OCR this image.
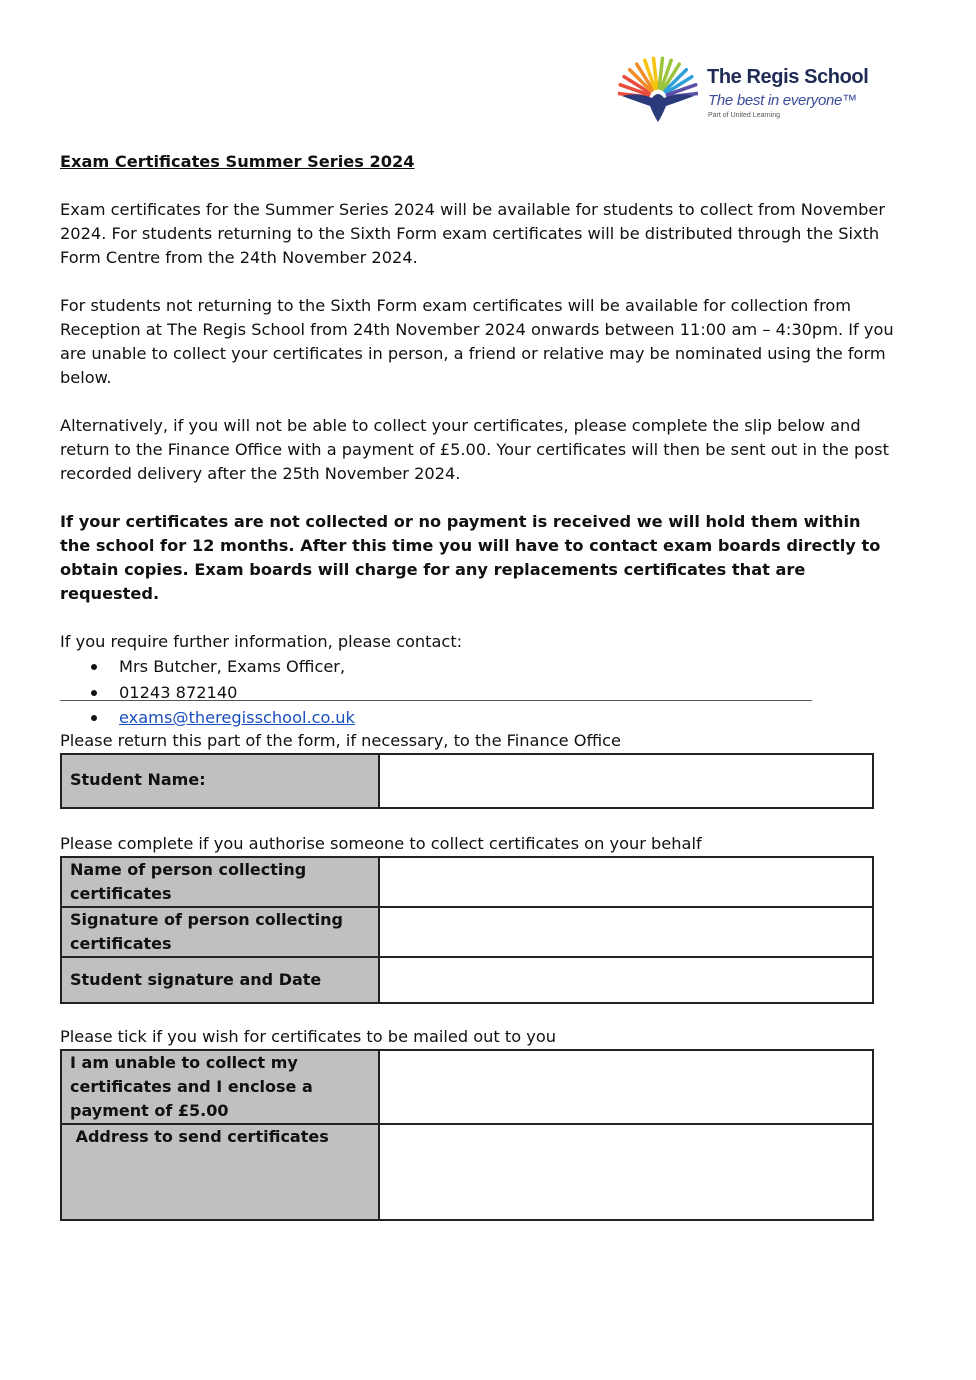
The Regis School
The best in everyone™
Part of United Learning

Exam Certificates Summer Series 2024

Exam certificates for the Summer Series 2024 will be available for students to collect from November 2024. For students returning to the Sixth Form exam certificates will be distributed through the Sixth Form Centre from the 24th November 2024.

For students not returning to the Sixth Form exam certificates will be available for collection from Reception at The Regis School from 24th November 2024 onwards between 11:00 am – 4:30pm. If you are unable to collect your certificates in person, a friend or relative may be nominated using the form below.

Alternatively, if you will not be able to collect your certificates, please complete the slip below and return to the Finance Office with a payment of £5.00. Your certificates will then be sent out in the post recorded delivery after the 25th November 2024.

If your certificates are not collected or no payment is received we will hold them within the school for 12 months. After this time you will have to contact exam boards directly to obtain copies. Exam boards will charge for any replacements certificates that are requested.

If you require further information, please contact:
Mrs Butcher, Exams Officer,
01243 872140
exams@theregisschool.co.uk
Please return this part of the form, if necessary, to the Finance Office
Student Name:

Please complete if you authorise someone to collect certificates on your behalf
Name of person collecting certificates	
Signature of person collecting certificates	

Student signature and Date	

Please tick if you wish for certificates to be mailed out to you
I am unable to collect my certificates and I enclose a payment of £5.00	
Address to send certificates	
